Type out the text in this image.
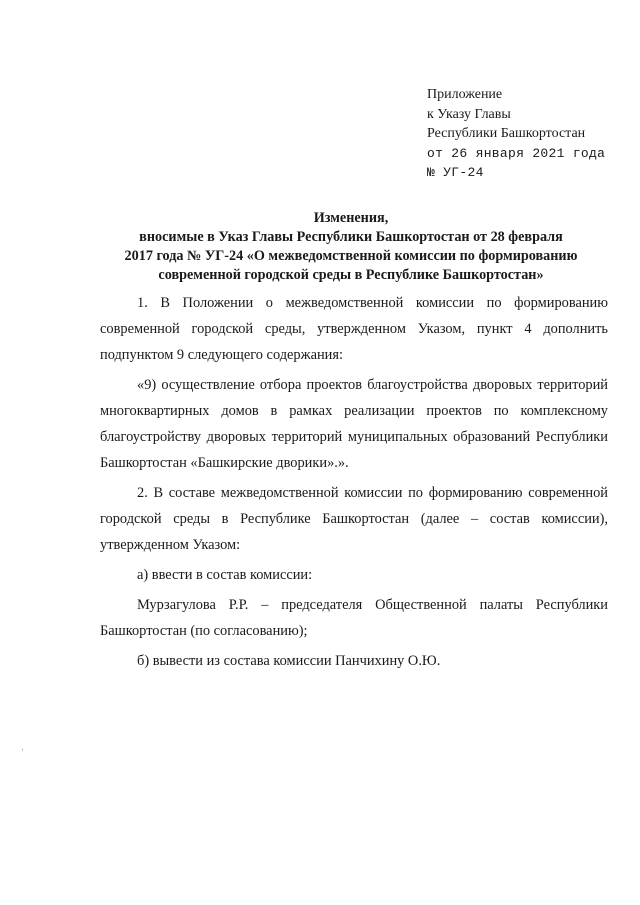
Приложение
к Указу Главы
Республики Башкортостан
от 26 января 2021 года
№ УГ-24
Изменения,
вносимые в Указ Главы Республики Башкортостан от 28 февраля
2017 года № УГ-24 «О межведомственной комиссии по формированию
современной городской среды в Республике Башкортостан»

1. В Положении о межведомственной комиссии по формированию современной городской среды, утвержденном Указом, пункт 4 дополнить подпунктом 9 следующего содержания:

«9) осуществление отбора проектов благоустройства дворовых территорий многоквартирных домов в рамках реализации проектов по комплексному благоустройству дворовых территорий муниципальных образований Республики Башкортостан «Башкирские дворики».».

2. В составе межведомственной комиссии по формированию современной городской среды в Республике Башкортостан (далее – состав комиссии), утвержденном Указом:

а) ввести в состав комиссии:

Мурзагулова Р.Р. – председателя Общественной палаты Республики Башкортостан (по согласованию);

б) вывести из состава комиссии Панчихину О.Ю.
